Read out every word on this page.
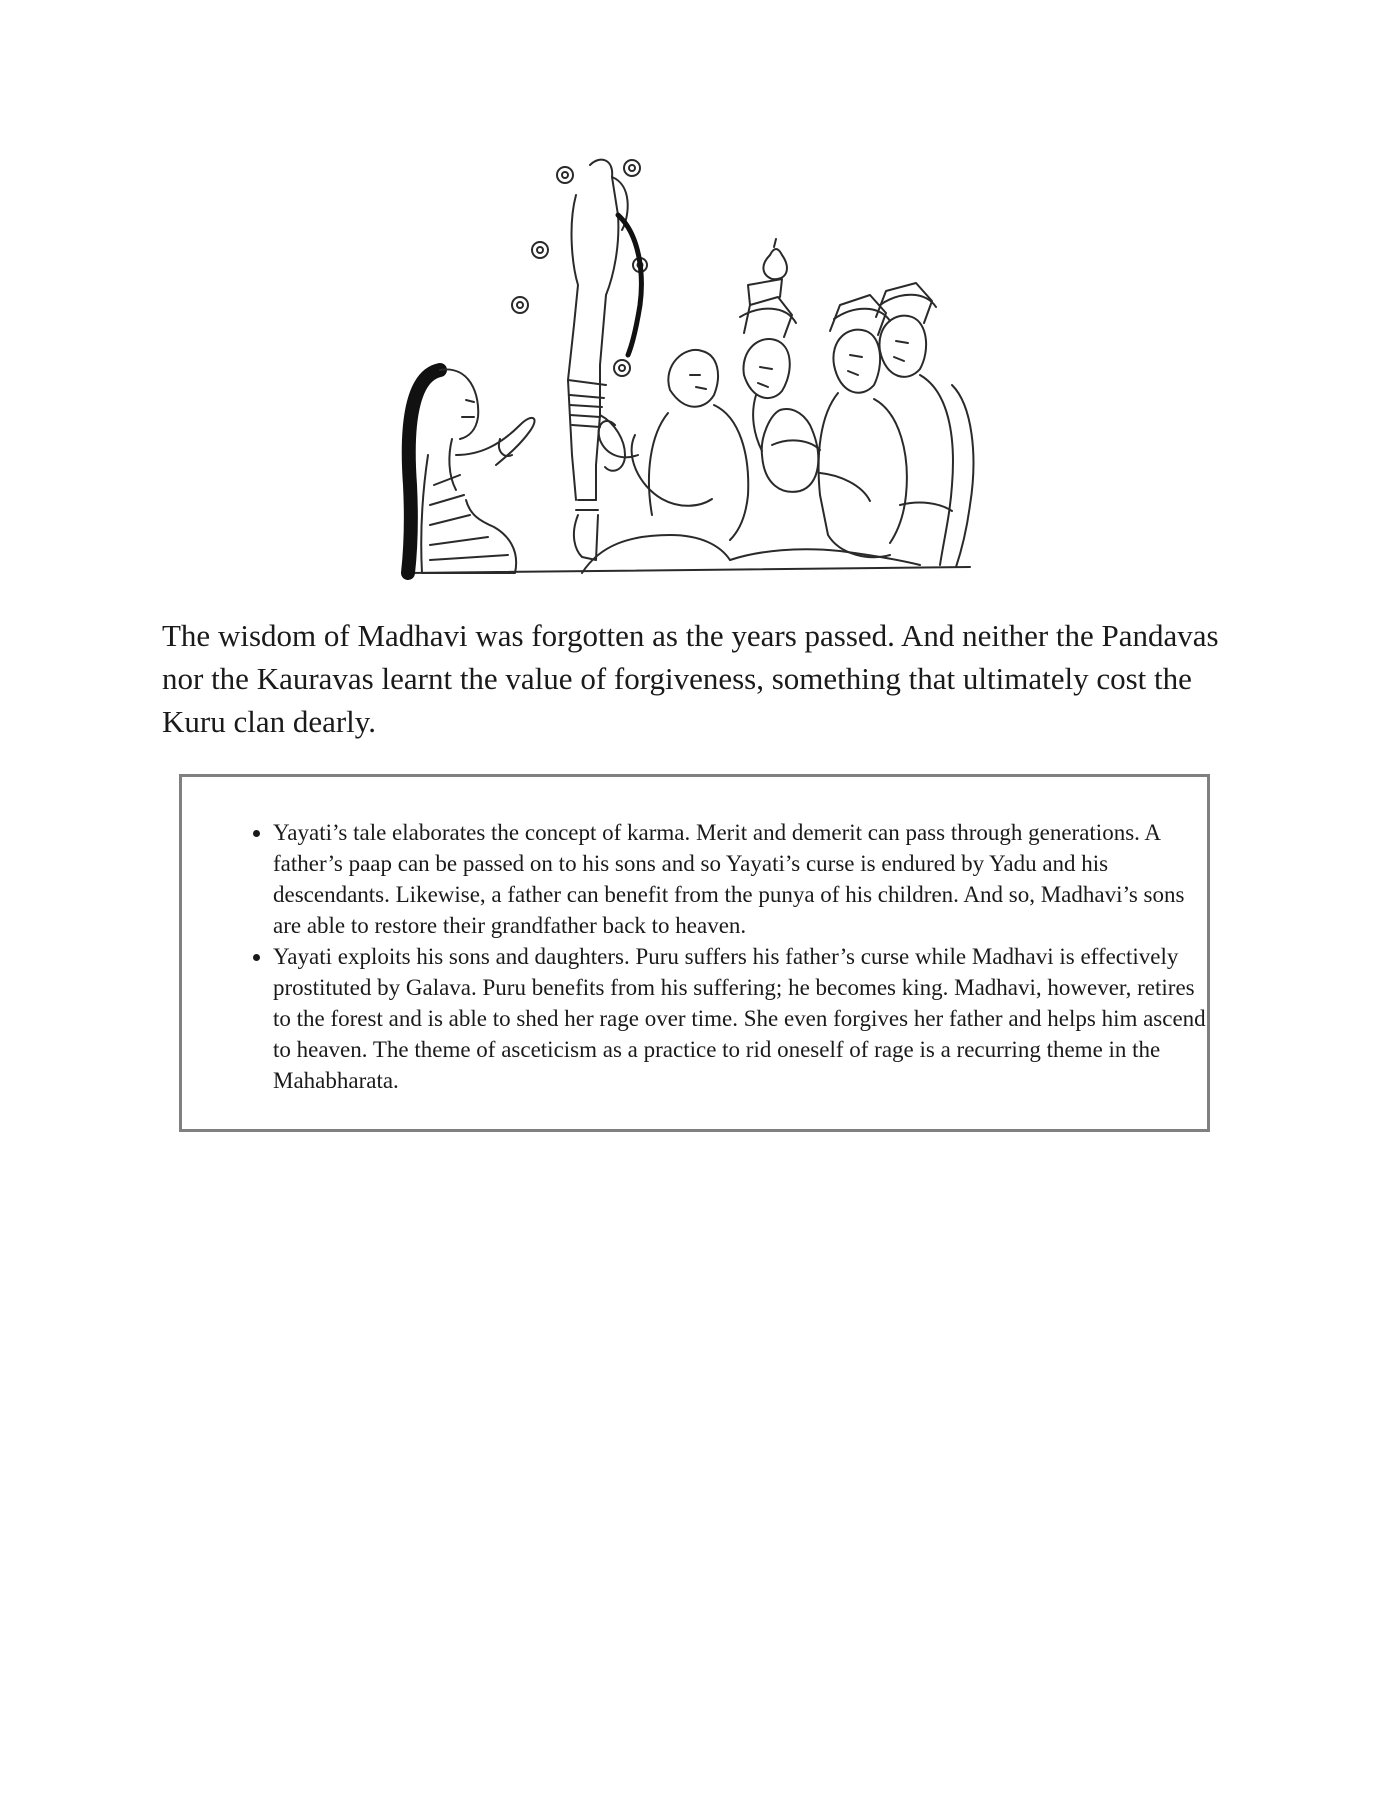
The wisdom of Madhavi was forgotten as the years passed. And neither the Pandavas nor the Kauravas learnt the value of forgiveness, something that ultimately cost the Kuru clan dearly.

• Yayati’s tale elaborates the concept of karma. Merit and demerit can pass through generations. A father’s paap can be passed on to his sons and so Yayati’s curse is endured by Yadu and his descendants. Likewise, a father can benefit from the punya of his children. And so, Madhavi’s sons are able to restore their grandfather back to heaven.
• Yayati exploits his sons and daughters. Puru suffers his father’s curse while Madhavi is effectively prostituted by Galava. Puru benefits from his suffering; he becomes king. Madhavi, however, retires to the forest and is able to shed her rage over time. She even forgives her father and helps him ascend to heaven. The theme of asceticism as a practice to rid oneself of rage is a recurring theme in the Mahabharata.
